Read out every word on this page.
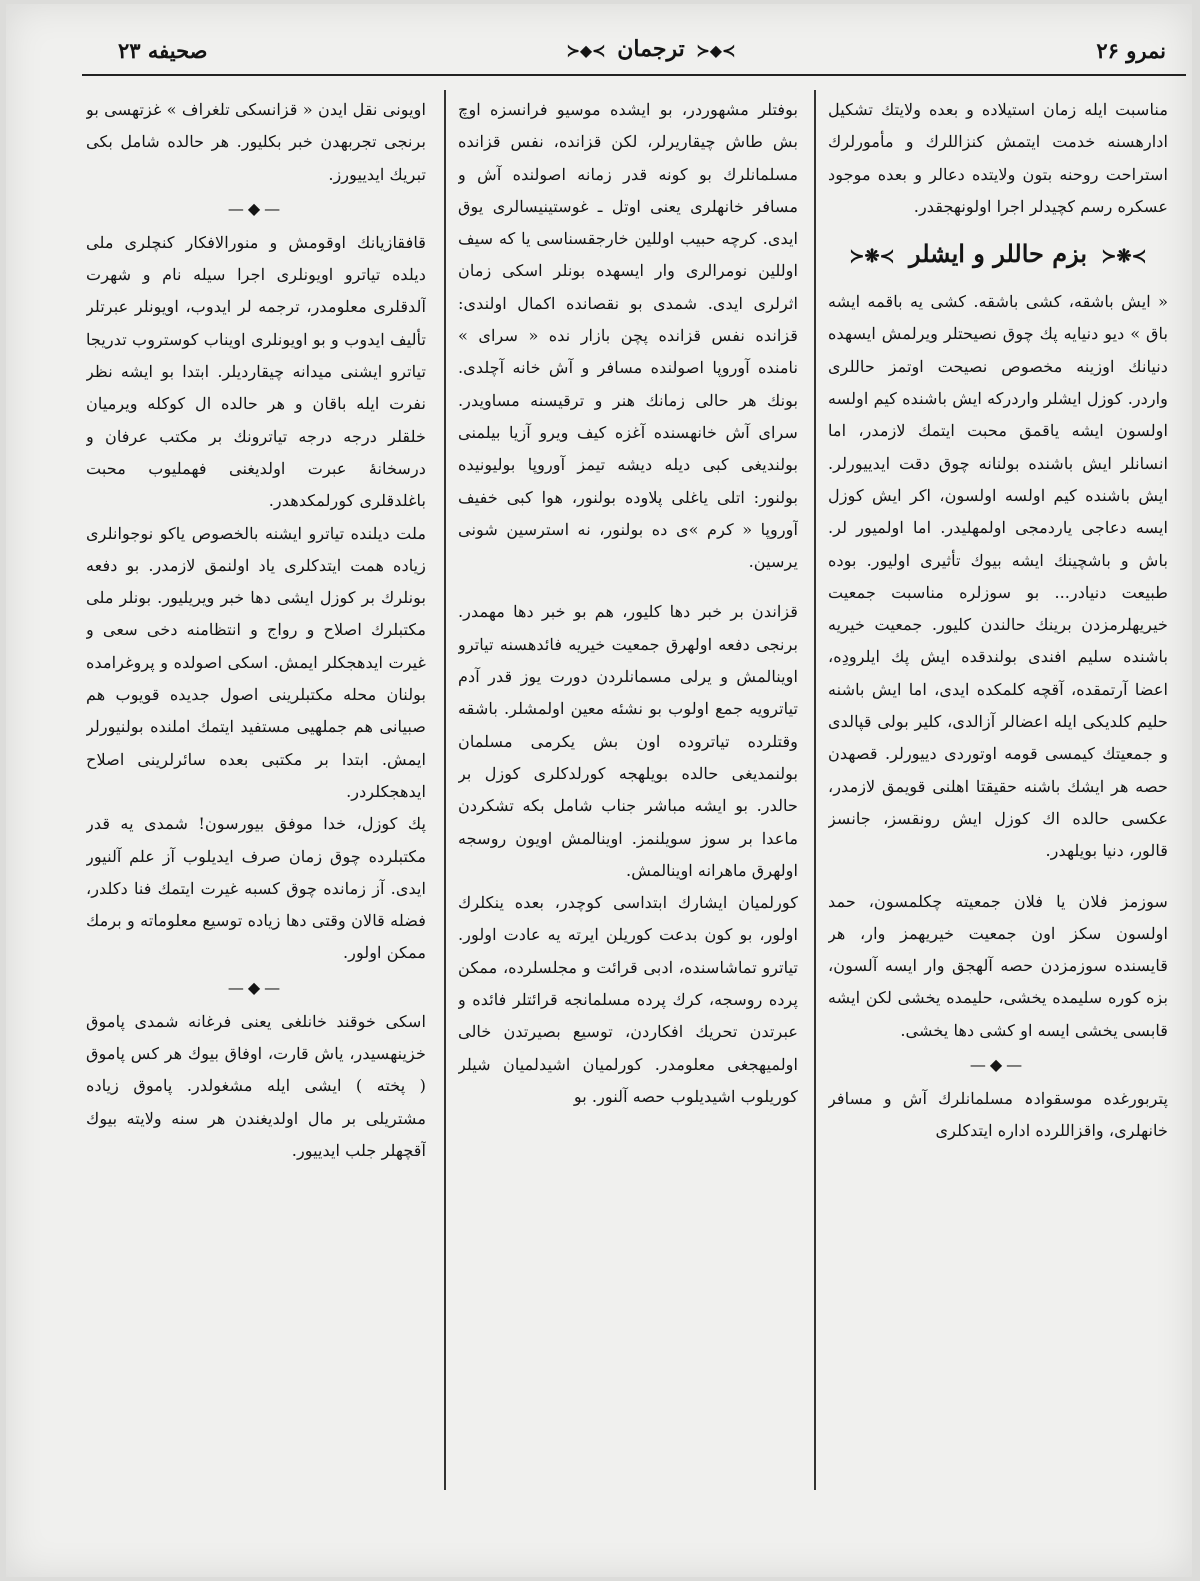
نمرو ۲۶
≻◆≺ ترجمان ≻◆≺
صحیفه ۲۳

مناسبت ایله زمان استیلاده و بعده ولایتك تشکیل ادارهسنه خدمت ایتمش کنزاللرك و مأمورلرك استراحت روحنه بتون ولایتده دعالر و بعده موجود عسکره رسم کچیدلر اجرا اولونهجقدر.

≻❋≺ بزم حاللر و ایشلر ≻❋≺

« ایش باشقه، کشی باشقه. کشی یه باقمه ایشه باق » دیو دنیایه پك چوق نصیحتلر ویرلمش ایسهده دنیانك اوزینه مخصوص نصیحت اوتمز حاللری واردر. کوزل ایشلر واردرکه ایش باشنده کیم اولسه اولسون ایشه یاقمق محبت ایتمك لازمدر، اما انسانلر ایش باشنده بولنانه چوق دقت ایدییورلر. ایش باشنده کیم اولسه اولسون، اکر ایش کوزل ایسه دعاجی یاردمجی اولمهلیدر. اما اولمیور لر. باش و باشچینك ایشه بیوك تأثیری اولیور. بوده طبیعت دنیادر... بو سوزلره مناسبت جمعیت خیریهلرمزدن برینك حالندن کلیور. جمعیت خیریه باشنده سلیم افندی بولندقده ایش پك ایلرودِه، اعضا آرتمقده، آقچه کلمکده ایدی، اما ایش باشنه حلیم کلدیکی ایله اعضالر آزالدی، کلیر بولی قپالدی و جمعیتك کیمسی قومه اوتوردی دییورلر. قصهدن حصه هر ایشك باشنه حقیقتا اهلنی قویمق لازمدر، عکسی حالده اك کوزل ایش رونقسز، جانسز قالور، دنیا بویلهدر.

سوزمز فلان یا فلان جمعیته چکلمسون، حمد اولسون سکز اون جمعیت خیریهمز وار، هر قایسنده سوزمزدن حصه آلهجق وار ایسه آلسون، بزه کوره سلیمده یخشی، حلیمده یخشی لکن ایشه قابسی یخشی ایسه او کشی دها یخشی.

—◆—

پتربورغده موسقوادہ مسلمانلرك آش و مسافر خانهلری، واقزاللرده اداره ایتدکلری

بوفتلر مشهوردر، بو ایشده موسیو فرانسزه اوچ بش طاش چیقاریرلر، لکن قزانده، نفس قزانده مسلمانلرك بو کونه قدر زمانه اصولنده آش و مسافر خانهلری یعنی اوتل ـ غوستینیسالری یوق ایدی. کرچه حبیب اوللین خارجقسناسی یا که سیف اوللین نومرالری وار ایسهده بونلر اسکی زمان اثرلری ایدی. شمدی بو نقصانده اکمال اولندی: قزانده نفس قزانده پچن بازار نده « سرای » نامنده آوروپا اصولنده مسافر و آش خانه آچلدی. بونك هر حالی زمانك هنر و ترقیسنه مساویدر. سرای آش خانهسنده آغزه کیف ویرو آزیا بیلمنی بولندیغی کبی دیله دیشه تیمز آوروپا بولیونیده بولنور: اتلی یاغلی پلاوده بولنور، هوا کبی خفیف آوروپا « کرم »ی ده بولنور، نه استرسین شونی یرسین.

قزاندن بر خبر دها کلیور، هم بو خبر دها مهمدر. برنجی دفعه اولهرق جمعیت خیریه فائدهسنه تیاترو اوینالمش و یرلی مسمانلردن دورت یوز قدر آدم تیاترویه جمع اولوب بو نشئه معین اولمشلر. باشقه وقتلرده تیاتروده اون بش یکرمی مسلمان بولنمدیغی حالده بویلهجه کورلدکلری کوزل بر حالدر. بو ایشه مباشر جناب شامل بکه تشکردن ماعدا بر سوز سویلنمز. اوینالمش اویون روسجه اولهرق ماهرانه اوینالمش.

کورلمیان ایشارك ابتداسی کوچدر، بعده ینکلرك اولور، بو کون بدعت کوریلن ایرته یه عادت اولور. تیاترو تماشاسنده، ادبی قرائت و مجلسلرده، ممکن پرده روسجه، کرك پرده مسلمانجه قرائتلر فائده و عبرتدن تحریك افکاردن، توسیع بصیرتدن خالی اولمیهجغی معلومدر. کورلمیان اشیدلمیان شیلر کوریلوب اشیدیلوب حصه آلنور. بو

اویونی نقل ایدن « قزانسکی تلغراف » غزتهسی بو برنجی تجربهدن خبر بکلیور. هر حالده شامل بکی تبریك ایدییورز.

—◆—

قافقازیانك اوقومش و منورالافکار کنچلری ملی دیلده تیاترو اویونلری اجرا سیله نام و شهرت آلدقلری معلومدر، ترجمه لر ایدوب، اویونلر عبرتلر تألیف ایدوب و بو اویونلری اویناب کوستروب تدریجا تیاترو ایشنی میدانه چیقاردیلر. ابتدا بو ایشه نظر نفرت ایله باقان و هر حالده ال کوکله ویرمیان خلقلر درجه درجه تیاترونك بر مکتب عرفان و درسخانهٔ عبرت اولدیغنی فهملیوب محبت باغلدقلری کورلمکدهدر.

ملت دیلنده تیاترو ایشنه بالخصوص یاکو نوجوانلری زیاده همت ایتدکلری یاد اولنمق لازمدر. بو دفعه بونلرك بر کوزل ایشی دها خبر ویریلیور. بونلر ملی مکتبلرك اصلاح و رواج و انتظامنه دخی سعی و غیرت ایدهجکلر ایمش. اسکی اصولده و پروغرامده بولنان محله مکتبلرینی اصول جدیده قویوب هم صبیانی هم جملهیی مستفید ایتمك املنده بولنیورلر ایمش. ابتدا بر مکتبی بعده سائرلرینی اصلاح ایدهجکلردر.

پك کوزل، خدا موفق بیورسون! شمدی یه قدر مکتبلرده چوق زمان صرف ایدیلوب آز علم آلنیور ایدی. آز زمانده چوق کسبه غیرت ایتمك فنا دکلدر، فضله قالان وقتی دها زیاده توسیع معلوماته و برمك ممکن اولور.

—◆—

اسکی خوقند خانلغی یعنی فرغانه شمدی پاموق خزینهسیدر، یاش قارت، اوفاق بیوك هر کس پاموق ( پخته ) ایشی ایله مشغولدر. پاموق زیاده مشتریلی بر مال اولدیغندن هر سنه ولایته بیوك آقچهلر جلب ایدییور.
